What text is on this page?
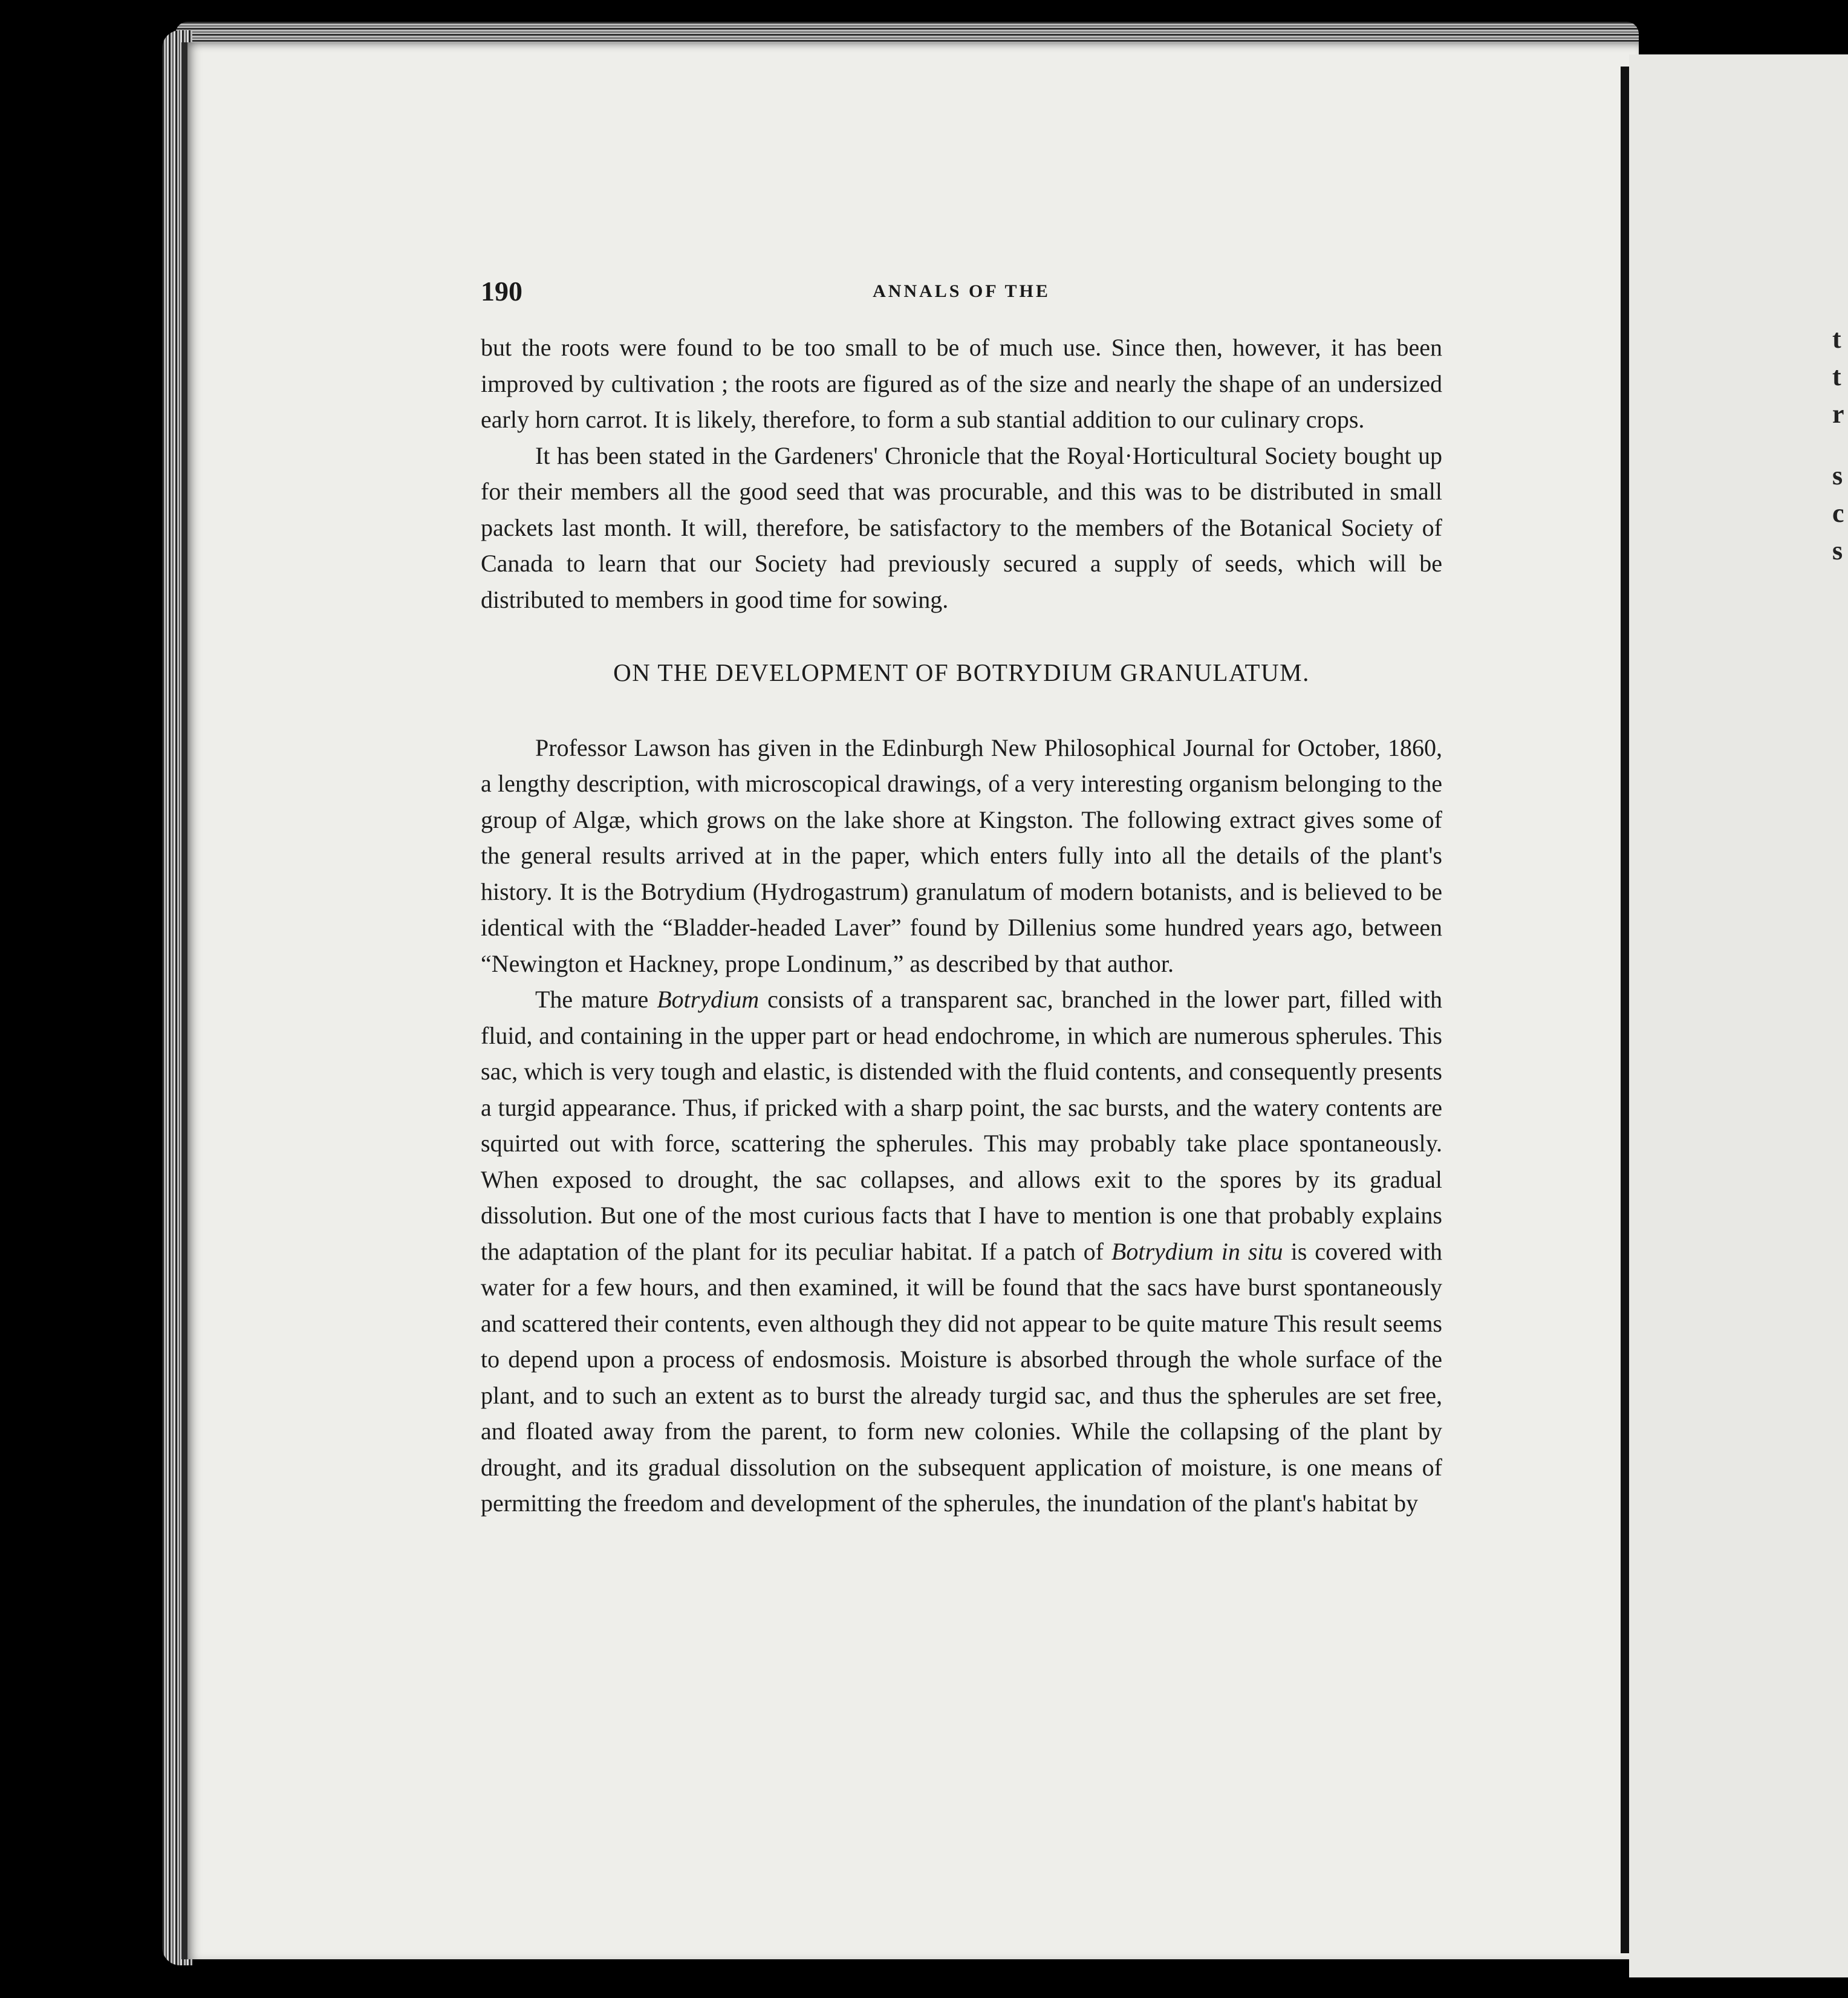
t
t
r
s
c
s
190	ANNALS OF THE

but the roots were found to be too small to be of much use. Since then, however, it has been improved by cultivation ; the roots are figured as of the size and nearly the shape of an undersized early horn carrot. It is likely, therefore, to form a sub stantial addition to our culinary crops.

It has been stated in the Gardeners' Chronicle that the Royal·Horticultural Society bought up for their members all the good seed that was procurable, and this was to be distributed in small packets last month. It will, therefore, be satisfactory to the members of the Botanical Society of Canada to learn that our Society had previously secured a supply of seeds, which will be distributed to members in good time for sowing.

ON THE DEVELOPMENT OF BOTRYDIUM GRANULATUM.

Professor Lawson has given in the Edinburgh New Philosophical Journal for October, 1860, a lengthy description, with microscopical drawings, of a very interesting organism belonging to the group of Algæ, which grows on the lake shore at Kingston. The following extract gives some of the general results arrived at in the paper, which enters fully into all the details of the plant's history. It is the Botrydium (Hydrogastrum) granulatum of modern botanists, and is believed to be identical with the “Bladder-headed Laver” found by Dillenius some hundred years ago, between “Newington et Hackney, prope Londinum,” as described by that author.

The mature Botrydium consists of a transparent sac, branched in the lower part, filled with fluid, and containing in the upper part or head endochrome, in which are numerous spherules. This sac, which is very tough and elastic, is distended with the fluid contents, and consequently presents a turgid appearance. Thus, if pricked with a sharp point, the sac bursts, and the watery contents are squirted out with force, scattering the spherules. This may probably take place spontaneously. When exposed to drought, the sac collapses, and allows exit to the spores by its gradual dissolution. But one of the most curious facts that I have to mention is one that probably explains the adaptation of the plant for its peculiar habitat. If a patch of Botrydium in situ is covered with water for a few hours, and then examined, it will be found that the sacs have burst spontaneously and scattered their contents, even although they did not appear to be quite mature This result seems to depend upon a process of endosmosis. Moisture is absorbed through the whole surface of the plant, and to such an extent as to burst the already turgid sac, and thus the spherules are set free, and floated away from the parent, to form new colonies. While the collapsing of the plant by drought, and its gradual dissolution on the subsequent application of moisture, is one means of permitting the freedom and development of the spherules, the inundation of the plant's habitat by
